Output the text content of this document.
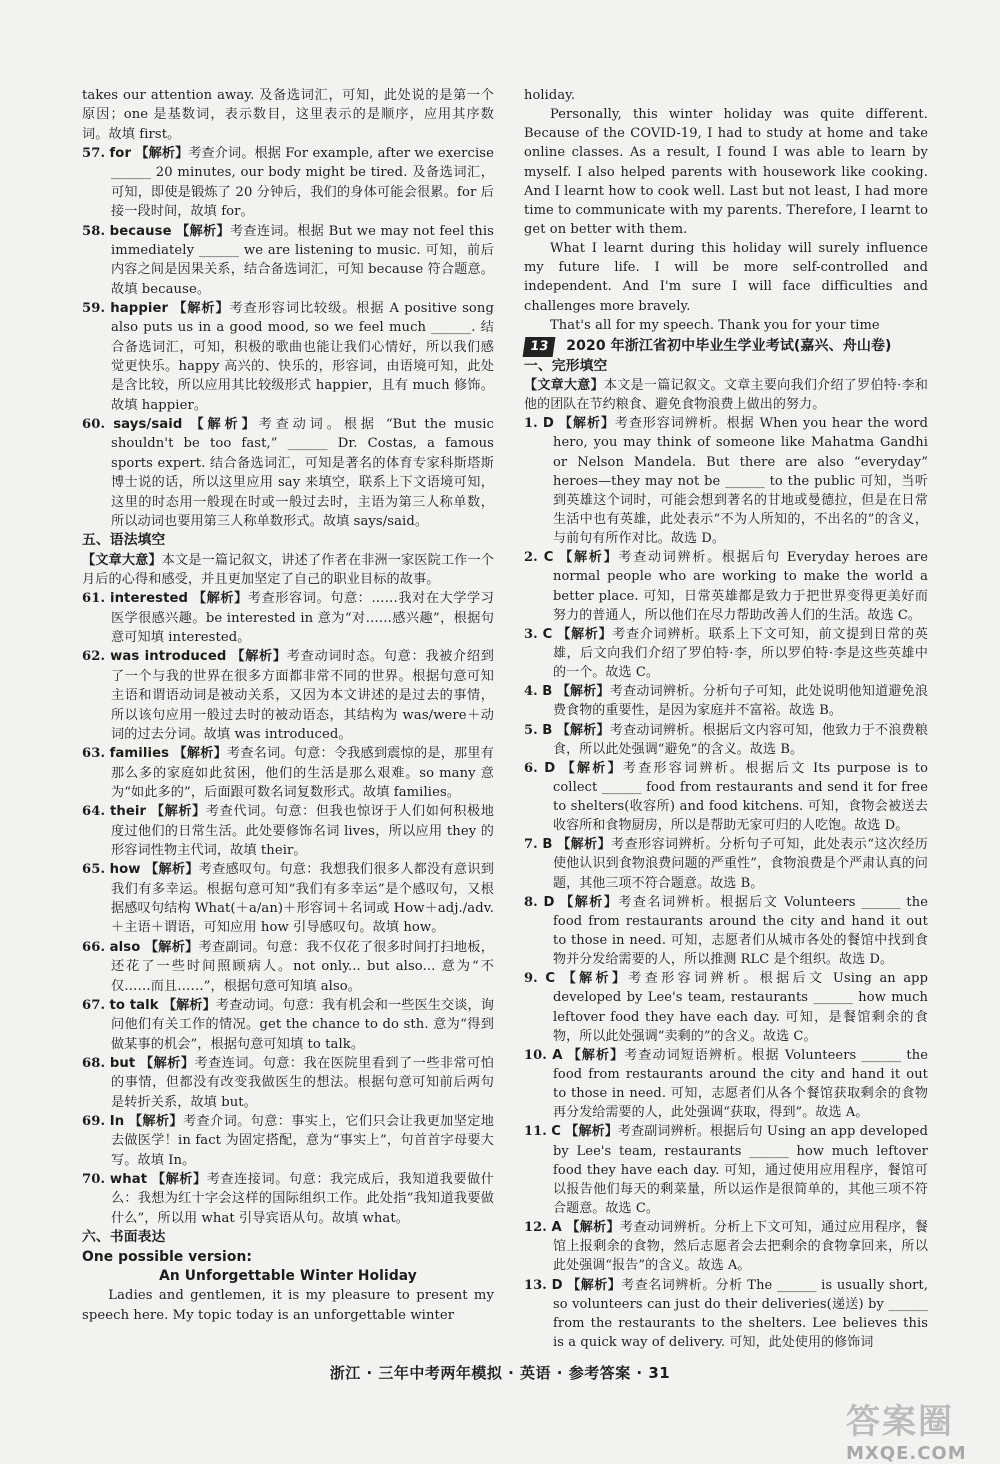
takes our attention away. 及备选词汇，可知，此处说的是第一个原因；one 是基数词，表示数目，这里表示的是顺序，应用其序数词。故填 first。

57. for 【解析】考查介词。根据 For example, after we exercise ______ 20 minutes, our body might be tired. 及备选词汇，可知，即使是锻炼了 20 分钟后，我们的身体可能会很累。for 后接一段时间，故填 for。

58. because 【解析】考查连词。根据 But we may not feel this immediately ______ we are listening to music. 可知，前后内容之间是因果关系，结合备选词汇，可知 because 符合题意。故填 because。

59. happier 【解析】考查形容词比较级。根据 A positive song also puts us in a good mood, so we feel much ______. 结合备选词汇，可知，积极的歌曲也能让我们心情好，所以我们感觉更快乐。happy 高兴的、快乐的，形容词，由语境可知，此处是含比较，所以应用其比较级形式 happier，且有 much 修饰。故填 happier。

60. says/said 【解析】考查动词。根据 “But the music shouldn't be too fast,” ______ Dr. Costas, a famous sports expert. 结合备选词汇，可知是著名的体育专家科斯塔斯博士说的话，所以这里应用 say 来填空，联系上下文语境可知，这里的时态用一般现在时或一般过去时，主语为第三人称单数，所以动词也要用第三人称单数形式。故填 says/said。

五、语法填空

【文章大意】本文是一篇记叙文，讲述了作者在非洲一家医院工作一个月后的心得和感受，并且更加坚定了自己的职业目标的故事。

61. interested 【解析】考查形容词。句意：……我对在大学学习医学很感兴趣。be interested in 意为“对……感兴趣”，根据句意可知填 interested。

62. was introduced 【解析】考查动词时态。句意：我被介绍到了一个与我的世界在很多方面都非常不同的世界。根据句意可知主语和谓语动词是被动关系，又因为本文讲述的是过去的事情，所以该句应用一般过去时的被动语态，其结构为 was/were＋动词的过去分词。故填 was introduced。

63. families 【解析】考查名词。句意：令我感到震惊的是，那里有那么多的家庭如此贫困，他们的生活是那么艰难。so many 意为“如此多的”，后面跟可数名词复数形式。故填 families。

64. their 【解析】考查代词。句意：但我也惊讶于人们如何积极地度过他们的日常生活。此处要修饰名词 lives，所以应用 they 的形容词性物主代词，故填 their。

65. how 【解析】考查感叹句。句意：我想我们很多人都没有意识到我们有多幸运。根据句意可知“我们有多幸运”是个感叹句，又根据感叹句结构 What(＋a/an)＋形容词＋名词或 How＋adj./adv.＋主语＋谓语，可知应用 how 引导感叹句。故填 how。

66. also 【解析】考查副词。句意：我不仅花了很多时间打扫地板，还花了一些时间照顾病人。not only... but also... 意为“不仅……而且……”，根据句意可知填 also。

67. to talk 【解析】考查动词。句意：我有机会和一些医生交谈，询问他们有关工作的情况。get the chance to do sth. 意为“得到做某事的机会”，根据句意可知填 to talk。

68. but 【解析】考查连词。句意：我在医院里看到了一些非常可怕的事情，但都没有改变我做医生的想法。根据句意可知前后两句是转折关系，故填 but。

69. In 【解析】考查介词。句意：事实上，它们只会让我更加坚定地去做医学！in fact 为固定搭配，意为“事实上”，句首首字母要大写。故填 In。

70. what 【解析】考查连接词。句意：我完成后，我知道我要做什么：我想为红十字会这样的国际组织工作。此处指“我知道我要做什么”，所以用 what 引导宾语从句。故填 what。

六、书面表达

One possible version:

An Unforgettable Winter Holiday

Ladies and gentlemen, it is my pleasure to present my speech here. My topic today is an unforgettable winter

holiday.

Personally, this winter holiday was quite different. Because of the COVID-19, I had to study at home and take online classes. As a result, I found I was able to learn by myself. I also helped parents with housework like cooking. And I learnt how to cook well. Last but not least, I had more time to communicate with my parents. Therefore, I learnt to get on better with them.

What I learnt during this holiday will surely influence my future life. I will be more self-controlled and independent. And I'm sure I will face difficulties and challenges more bravely.

That's all for my speech. Thank you for your time

13	2020 年浙江省初中毕业生学业考试(嘉兴、舟山卷)

一、完形填空

【文章大意】本文是一篇记叙文。文章主要向我们介绍了罗伯特·李和他的团队在节约粮食、避免食物浪费上做出的努力。

1. D 【解析】考查形容词辨析。根据 When you hear the word hero, you may think of someone like Mahatma Gandhi or Nelson Mandela. But there are also “everyday” heroes—they may not be ______ to the public 可知，当听到英雄这个词时，可能会想到著名的甘地或曼德拉，但是在日常生活中也有英雄，此处表示“不为人所知的，不出名的”的含义，与前句有所作对比。故选 D。

2. C 【解析】考查动词辨析。根据后句 Everyday heroes are normal people who are working to make the world a better place. 可知，日常英雄都是致力于把世界变得更美好而努力的普通人，所以他们在尽力帮助改善人们的生活。故选 C。

3. C 【解析】考查介词辨析。联系上下文可知，前文提到日常的英雄，后文向我们介绍了罗伯特·李，所以罗伯特·李是这些英雄中的一个。故选 C。

4. B 【解析】考查动词辨析。分析句子可知，此处说明他知道避免浪费食物的重要性，是因为家庭并不富裕。故选 B。

5. B 【解析】考查动词辨析。根据后文内容可知，他致力于不浪费粮食，所以此处强调“避免”的含义。故选 B。

6. D 【解析】考查形容词辨析。根据后文 Its purpose is to collect ______ food from restaurants and send it for free to shelters(收容所) and food kitchens. 可知，食物会被送去收容所和食物厨房，所以是帮助无家可归的人吃饱。故选 D。

7. B 【解析】考查形容词辨析。分析句子可知，此处表示“这次经历使他认识到食物浪费问题的严重性”，食物浪费是个严肃认真的问题，其他三项不符合题意。故选 B。

8. D 【解析】考查名词辨析。根据后文 Volunteers ______ the food from restaurants around the city and hand it out to those in need. 可知，志愿者们从城市各处的餐馆中找到食物并分发给需要的人，所以推测 RLC 是个组织。故选 D。

9. C 【解析】考查形容词辨析。根据后文 Using an app developed by Lee's team, restaurants ______ how much leftover food they have each day. 可知，是餐馆剩余的食物，所以此处强调“卖剩的”的含义。故选 C。

10. A 【解析】考查动词短语辨析。根据 Volunteers ______ the food from restaurants around the city and hand it out to those in need. 可知，志愿者们从各个餐馆获取剩余的食物再分发给需要的人，此处强调“获取，得到”。故选 A。

11. C 【解析】考查副词辨析。根据后句 Using an app developed by Lee's team, restaurants ______ how much leftover food they have each day. 可知，通过使用应用程序，餐馆可以报告他们每天的剩菜量，所以运作是很简单的，其他三项不符合题意。故选 C。

12. A 【解析】考查动词辨析。分析上下文可知，通过应用程序，餐馆上报剩余的食物，然后志愿者会去把剩余的食物拿回来，所以此处强调“报告”的含义。故选 A。

13. D 【解析】考查名词辨析。分析 The ______ is usually short, so volunteers can just do their deliveries(递送) by ______ from the restaurants to the shelters. Lee believes this is a quick way of delivery. 可知，此处使用的修饰词

浙江 · 三年中考两年模拟 · 英语 · 参考答案 · 31
答案圈
MXQE.COM
